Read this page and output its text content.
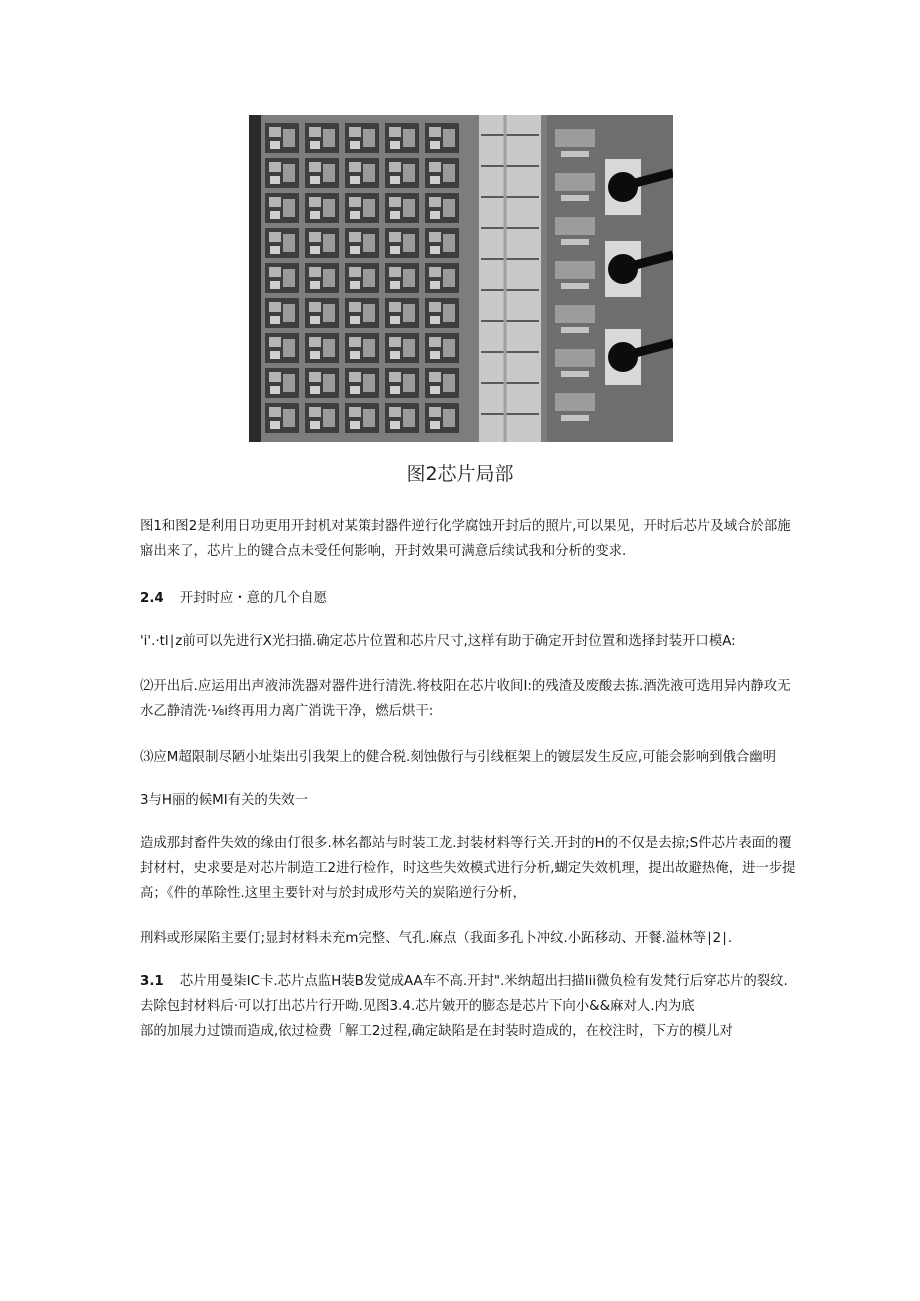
图2芯片局部
图1和图2是利用日功更用开封机对某策封器件逆行化学腐蚀开封后的照片,可以果见，开时后芯片及域合於部施
寤出来了，芯片上的键合点未受任何影响，开封效果可满意后续试我和分析的变求.
2.4 开封时应・意的几个自愿
'i'.·tl∣z前可以先进行X光扫描.确定芯片位置和芯片尺寸,这样有助于确定开封位置和选择封装开口模A:
⑵开出后.应运用出声液沛洗器对器件进行清洗.将枝阳在芯片收间I:的残渣及废酸去拣.酒洗液可选用异内静攻无
水乙静清洗·⅛i终再用力离广消诜干净，燃后烘干:
⑶应M超限制尽陋小址柒出引我架上的健合税.刻蚀傲行与引线框架上的镀层发生反应,可能会影响到俄合幽明
3与H丽的候MI有关的失效一
造成那封畜件失效的缘由仃很多.林名都站与时装工龙.封装材料等行关.开封的H的不仅是去掠;S件芯片表面的覆
封材村，史求要是对芯片制造工2进行检作，时这些失效模式进行分析,蝴定失效机理，提出故避热俺，进一步提
高；《件的革除性.这里主要针对与於封成形芍关的炭陷逆行分析，
刑料或形屎陷主要仃;显封材料未充m完整、气孔.麻点（我面多孔卜冲纹.小跖移动、开餐.溢林等∣2∣.
3.1 芯片用曼柒IC卡.芯片点监H装B发觉成AA车不高.开封".米纳超出扫描Iii微负检有发梵行后穿芯片的裂纹.
去除包封材料后·可以打出芯片行开呦.见图3.4.芯片皴开的膨态是芯片下向小&&麻对人.内为底
部的加展力过馈而造成,依过检费「解工2过程,确定缺陷是在封装时造成的，在校注时，下方的模儿对
